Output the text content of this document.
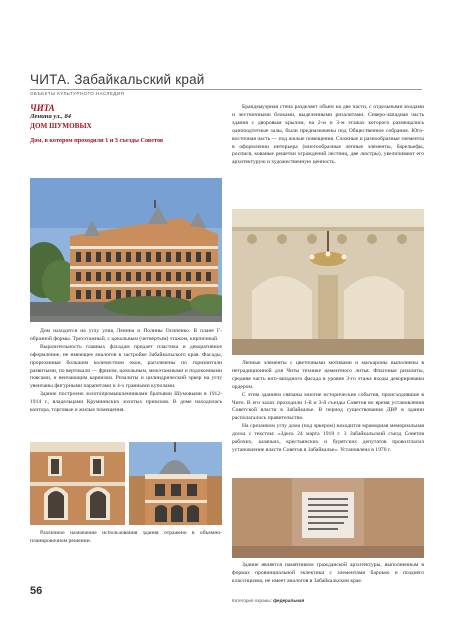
ЧИТА. Забайкальский край
ОБЪЕКТЫ КУЛЬТУРНОГО НАСЛЕДИЯ
ЧИТА
Ленина ул., 84
ДОМ ШУМОВЫХ
Дом, в котором проходили 1 и 3 съезды Советов

Дом находится на углу улиц Ленина и Полины Осипенко. В плане Г-образной формы. Трехэтажный, с цокольным (четвертым) этажом, кирпичный.

Выразительность главных фасадам придает пластика и декоративное оформление, не имеющее аналогов в застройке Забайкальского края. Фасады, прорезанные большим количеством окон, расчленены по горизонтали развитыми, по вертикали — фризом, цокольным, межэтажными и подоконными поясами, и венчающим карнизом. Ризалиты и цилиндрический эркер на углу увенчаны фигурными парапетами и 4-х гранными куполами.

Здание построено золотопромышленниками братьями Шумовыми в 1912-1914 г., владельцами Круминнских золотых приисков. В доме находилась контора, торговые и жилые помещения.

Различное назначение использования здания отражено в объемно-планировочном решении.

Брандмауэрная стена разделяет объем на две части, с отдельными входами и лестничными блоками, выделенными ризалитами. Северо-западная часть здания с дворовым крылом, на 2-м и 3-м этажах которого размещались одноподтетные залы, были предназначены под Общественное собрание. Юго-восточная часть — под жилые помещения. Сложные и разнообразные элементы в оформлении интерьера (многообразные лепные элементы, барельефы, роспися, кованые решетки ограждений лестниц, две люстры), увеличивают его архитектурую и художественную ценность.

Лепные элементы с цветочными мотивами и маскароны выполнены в нетрадиционной для Читы технике цементного литья. Флагоные ризалиты, средняя часть юго-западного фасада в уровне 3-го этажа входы декорированы ордером.

С этим зданием связаны многие исторические события, происходившие в Чите. В его залах проходили 1-й и 3-й съезды Советов во время установления Советской власти в Забайкалье. В период существования ДВР в здании располагалось правительство.

На срезанном углу дома (под эркером) находится мраморная мемориальная доска с текстом: «Здесь 24 марта 1918 г. 3 Забайкальский съезд Советов рабочих, казачьих, крестьянских и бурятских депутатов провозгласил установление власти Советов в Забайкалье». Установлена в 1970 г.

Здание является памятником гражданской архитектуры, выполненным в формах провинциальной эклектики с элементами барокко и позднего классицизма, не имеет аналогов в Забайкальском крае.

Категория охраны: федеральная
56
